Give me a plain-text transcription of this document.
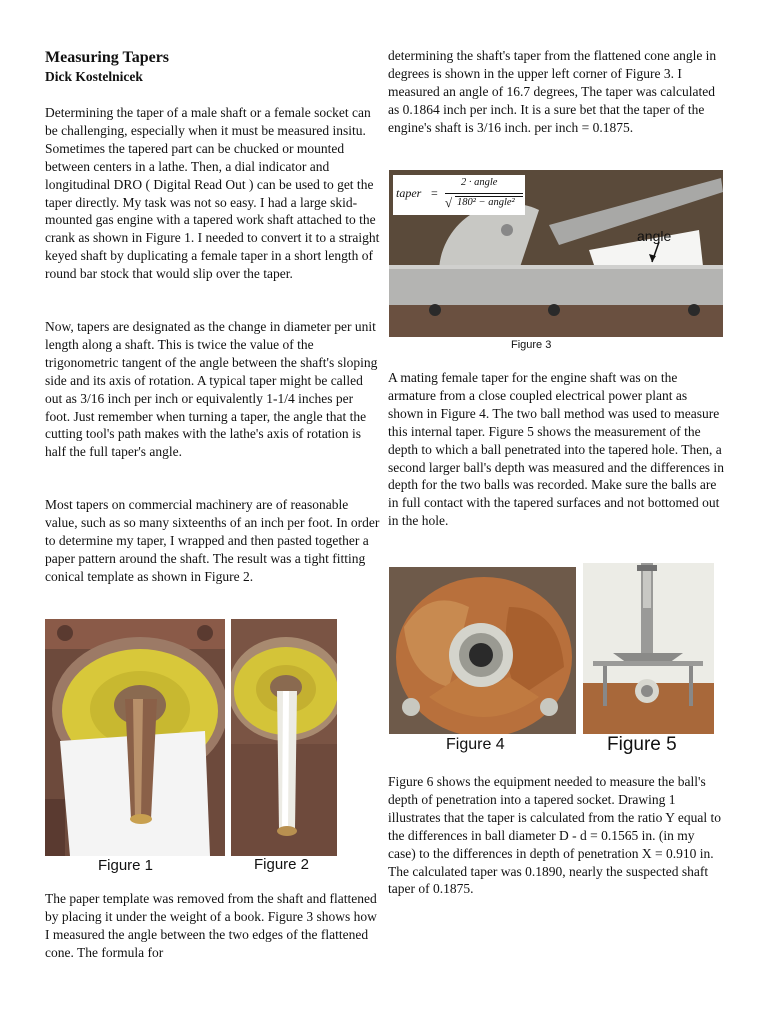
Measuring Tapers
Dick Kostelnicek
Determining the taper of a male shaft or a female socket can be challenging, especially when it must be measured insitu. Sometimes the tapered part can be chucked or mounted between centers in a lathe. Then, a dial indicator and longitudinal DRO ( Digital Read Out ) can be used to get the taper directly. My task was not so easy. I had a large skid-mounted gas engine with a tapered work shaft attached to the crank as shown in Figure 1. I needed to convert it to a straight keyed shaft by duplicating a female taper in a short length of round bar stock that would slip over the taper.
Now, tapers are designated as the change in diameter per unit length along a shaft. This is twice the value of the trigonometric tangent of the angle between the shaft's sloping side and its axis of rotation. A typical taper might be called out as 3/16 inch per inch or equivalently 1-1/4 inches per foot. Just remember when turning a taper, the angle that the cutting tool's path makes with the lathe's axis of rotation is half the full taper's angle.
Most tapers on commercial machinery are of reasonable value, such as so many sixteenths of an inch per foot. In order to determine my taper, I wrapped and then pasted together a paper pattern around the shaft. The result was a tight fitting conical template as shown in Figure 2.
Figure 1	Figure 2
The paper template was removed from the shaft and flattened by placing it under the weight of a book. Figure 3 shows how I measured the angle between the two edges of the flattened cone. The formula for
determining the shaft's taper from the flattened cone angle in degrees is shown in the upper left corner of Figure 3. I measured an angle of 16.7 degrees, The taper was calculated as 0.1864 inch per inch. It is a sure bet that the taper of the engine's shaft is 3/16 inch. per inch = 0.1875.
taper =
2 · angle
√ 180² − angle²
angle
Figure 3
A mating female taper for the engine shaft was on the armature from a close coupled electrical power plant as shown in Figure 4. The two ball method was used to measure this internal taper. Figure 5 shows the measurement of the depth to which a ball penetrated into the tapered hole. Then, a second larger ball's depth was measured and the differences in depth for the two balls was recorded. Make sure the balls are in full contact with the tapered surfaces and not bottomed out in the hole.
Figure 4	Figure 5
Figure 6 shows the equipment needed to measure the ball's depth of penetration into a tapered socket. Drawing 1 illustrates that the taper is calculated from the ratio Y equal to the differences in ball diameter D - d = 0.1565 in. (in my case) to the differences in depth of penetration X = 0.910 in. The calculated taper was 0.1890, nearly the suspected shaft taper of 0.1875.
